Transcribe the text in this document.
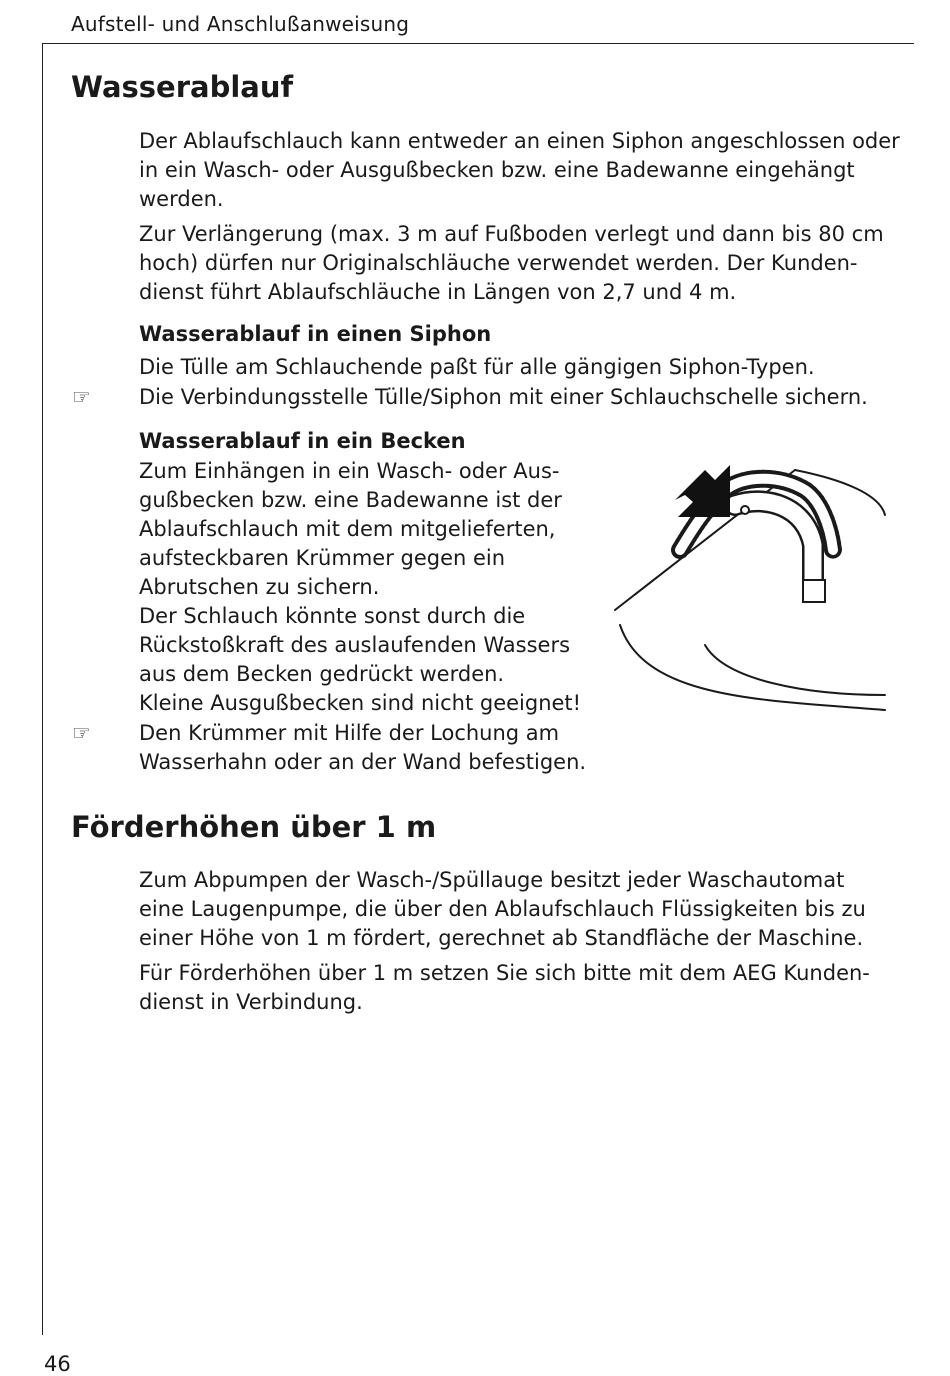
Aufstell- und Anschlußanweisung
Wasserablauf

Der Ablaufschlauch kann entweder an einen Siphon angeschlossen oder
in ein Wasch- oder Ausgußbecken bzw. eine Badewanne eingehängt
werden.

Zur Verlängerung (max. 3 m auf Fußboden verlegt und dann bis 80 cm
hoch) dürfen nur Originalschläuche verwendet werden. Der Kunden-
dienst führt Ablaufschläuche in Längen von 2,7 und 4 m.

Wasserablauf in einen Siphon

Die Tülle am Schlauchende paßt für alle gängigen Siphon-Typen.

☞ Die Verbindungsstelle Tülle/Siphon mit einer Schlauchschelle sichern.

Wasserablauf in ein Becken

Zum Einhängen in ein Wasch- oder Aus-
gußbecken bzw. eine Badewanne ist der
Ablaufschlauch mit dem mitgelieferten,
aufsteckbaren Krümmer gegen ein
Abrutschen zu sichern.
Der Schlauch könnte sonst durch die
Rückstoßkraft des auslaufenden Wassers
aus dem Becken gedrückt werden.
Kleine Ausgußbecken sind nicht geeignet!

☞ Den Krümmer mit Hilfe der Lochung am
Wasserhahn oder an der Wand befestigen.

Förderhöhen über 1 m

Zum Abpumpen der Wasch-/Spüllauge besitzt jeder Waschautomat
eine Laugenpumpe, die über den Ablaufschlauch Flüssigkeiten bis zu
einer Höhe von 1 m fördert, gerechnet ab Standfläche der Maschine.

Für Förderhöhen über 1 m setzen Sie sich bitte mit dem AEG Kunden-
dienst in Verbindung.

46
